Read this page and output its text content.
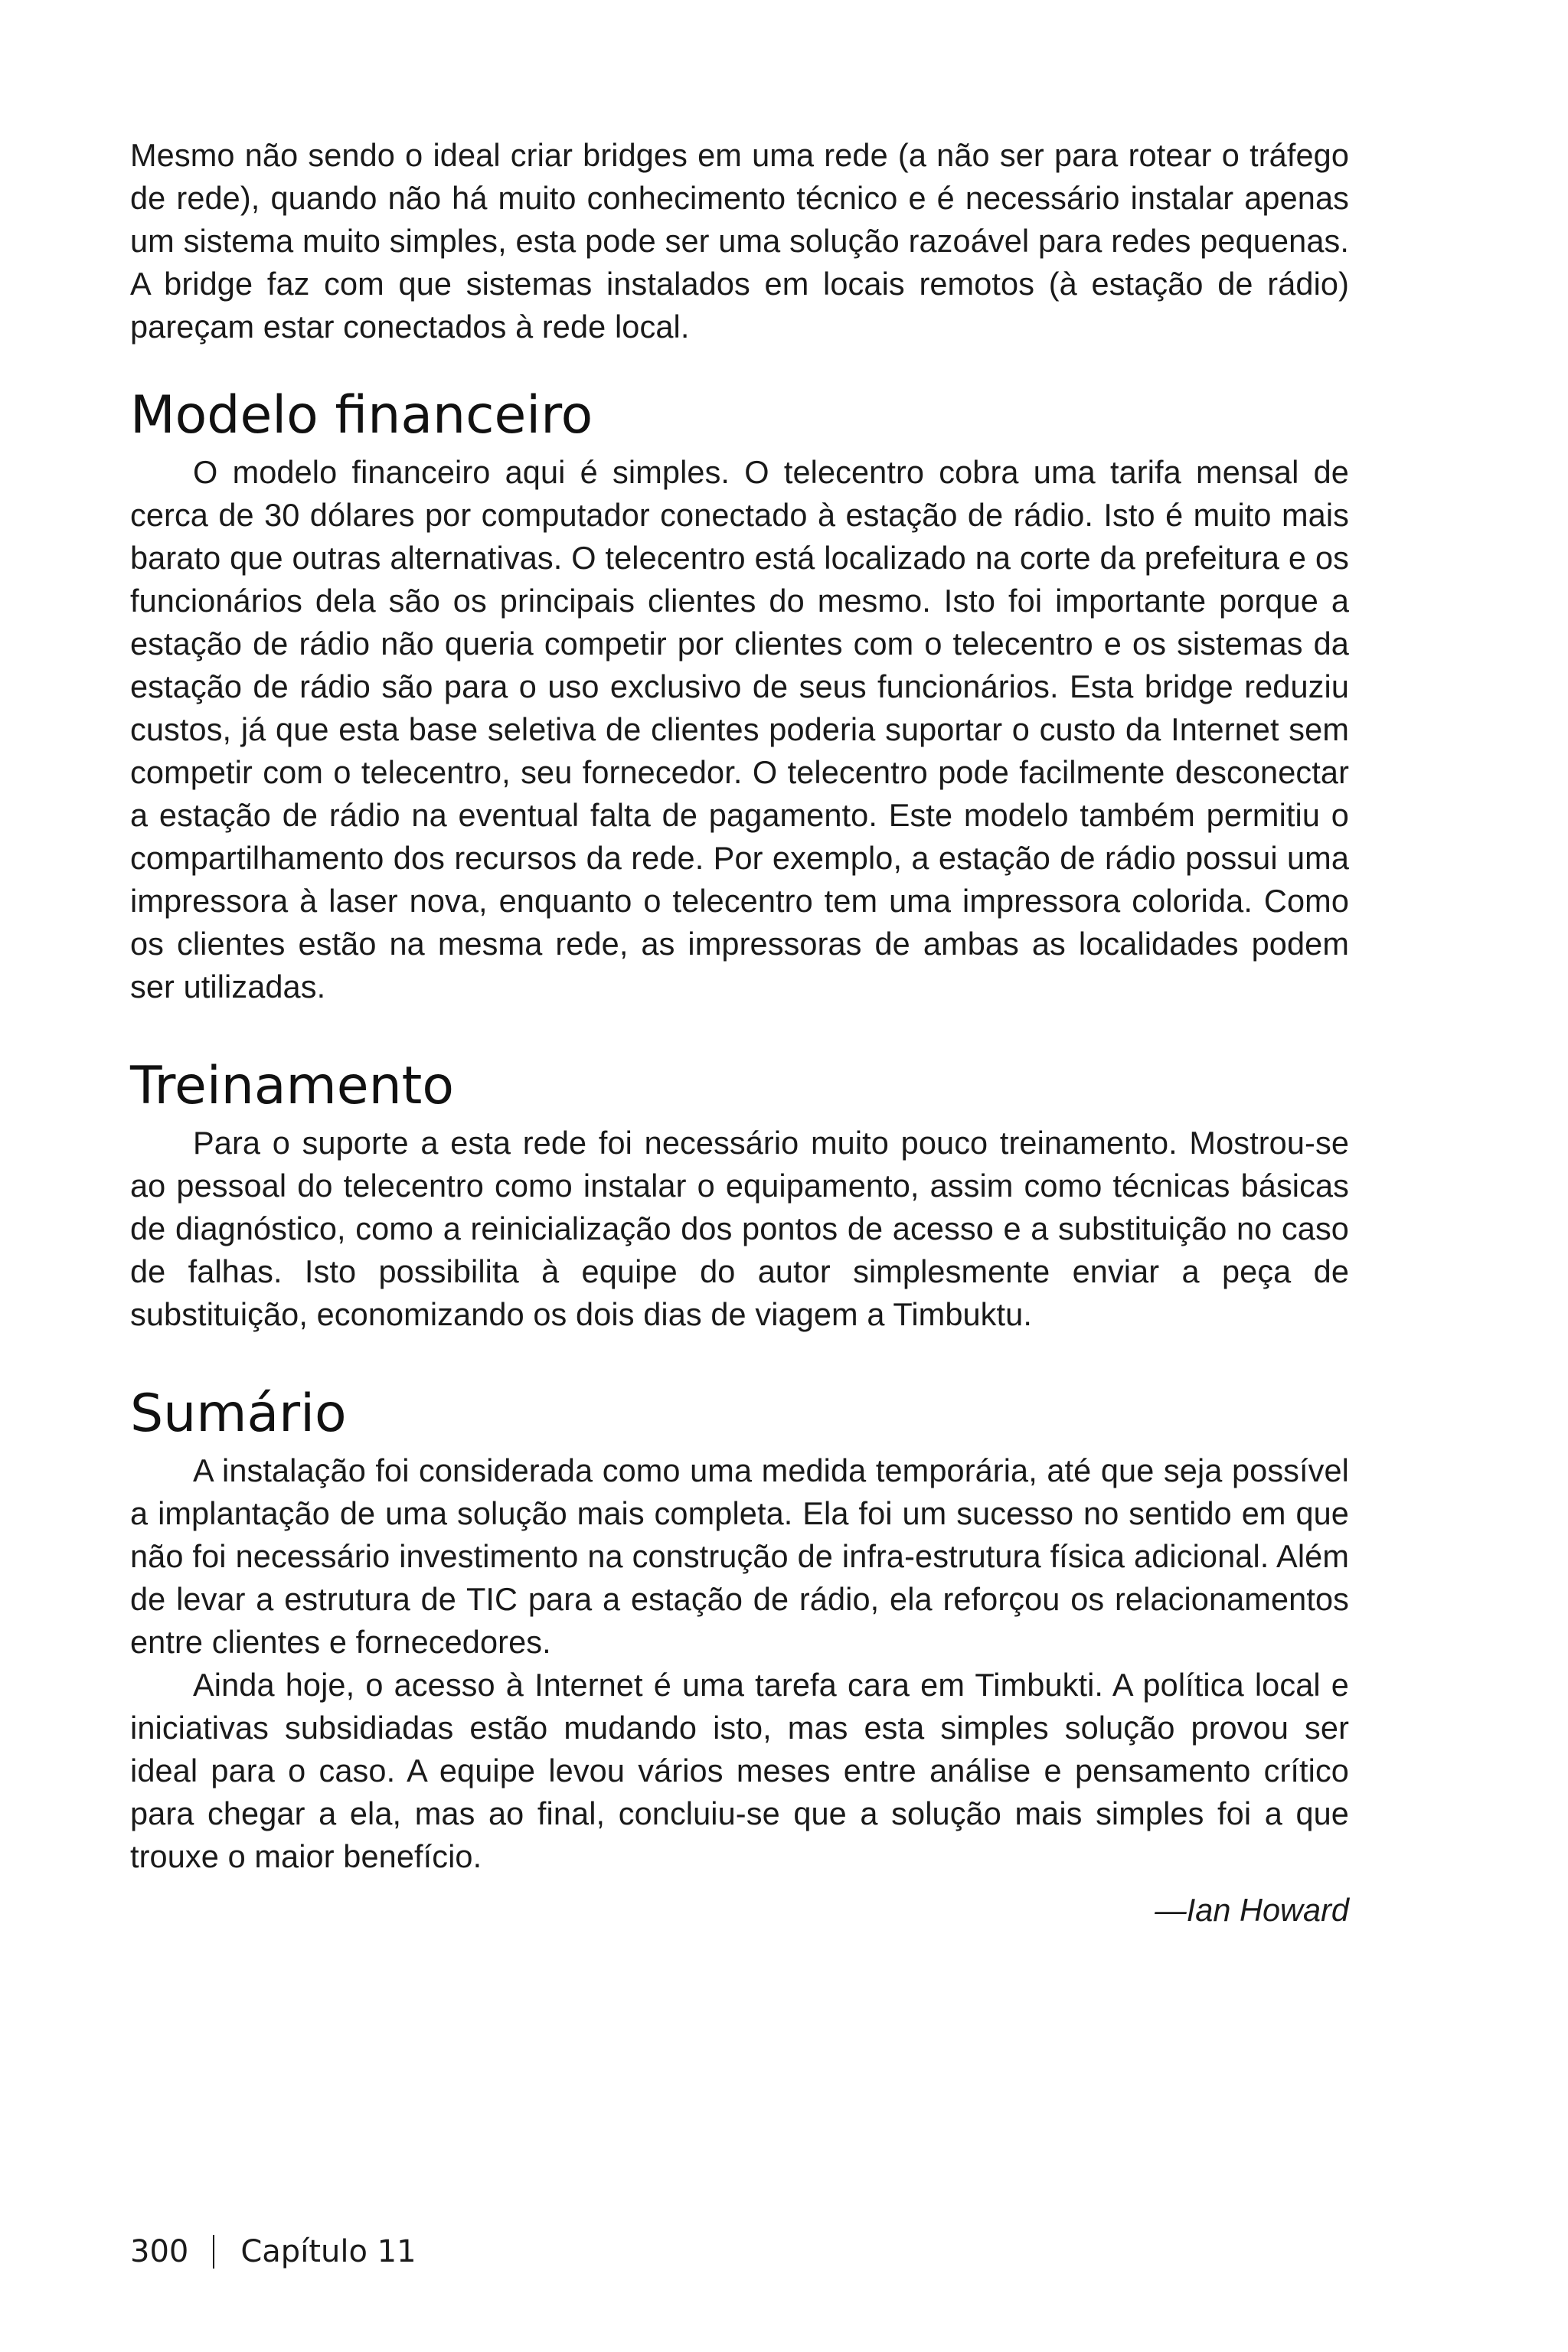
Mesmo não sendo o ideal criar bridges em uma rede (a não ser para rotear o tráfego de rede), quando não há muito conhecimento técnico e é necessário instalar apenas um sistema muito simples, esta pode ser uma solução razoável para redes pequenas. A bridge faz com que sistemas instalados em locais remotos (à estação de rádio) pareçam estar conectados à rede local.

Modelo financeiro

O modelo financeiro aqui é simples. O telecentro cobra uma tarifa mensal de cerca de 30 dólares por computador conectado à estação de rádio. Isto é muito mais barato que outras alternativas. O telecentro está localizado na corte da prefeitura e os funcionários dela são os principais clientes do mesmo. Isto foi importante porque a estação de rádio não queria competir por clientes com o telecentro e os sistemas da estação de rádio são para o uso exclusivo de seus funcionários. Esta bridge reduziu custos, já que esta base seletiva de clientes poderia suportar o custo da Internet sem competir com o telecentro, seu fornecedor. O telecentro pode facilmente desconectar a estação de rádio na eventual falta de pagamento. Este modelo também permitiu o compartilhamento dos recursos da rede. Por exemplo, a estação de rádio possui uma impressora à laser nova, enquanto o telecentro tem uma impressora colorida. Como os clientes estão na mesma rede, as impressoras de ambas as localidades podem ser utilizadas.

Treinamento

Para o suporte a esta rede foi necessário muito pouco treinamento. Mostrou-se ao pessoal do telecentro como instalar o equipamento, assim como técnicas básicas de diagnóstico, como a reinicialização dos pontos de acesso e a substituição no caso de falhas. Isto possibilita à equipe do autor simplesmente enviar a peça de substituição, economizando os dois dias de viagem a Timbuktu.

Sumário

A instalação foi considerada como uma medida temporária, até que seja possível a implantação de uma solução mais completa. Ela foi um sucesso no sentido em que não foi necessário investimento na construção de infra-estrutura física adicional. Além de levar a estrutura de TIC para a estação de rádio, ela reforçou os relacionamentos entre clientes e fornecedores.

Ainda hoje, o acesso à Internet é uma tarefa cara em Timbukti. A política local e iniciativas subsidiadas estão mudando isto, mas esta simples solução provou ser ideal para o caso. A equipe levou vários meses entre análise e pensamento crítico para chegar a ela, mas ao final, concluiu-se que a solução mais simples foi a que trouxe o maior benefício.

—Ian Howard

300 Capítulo 11
